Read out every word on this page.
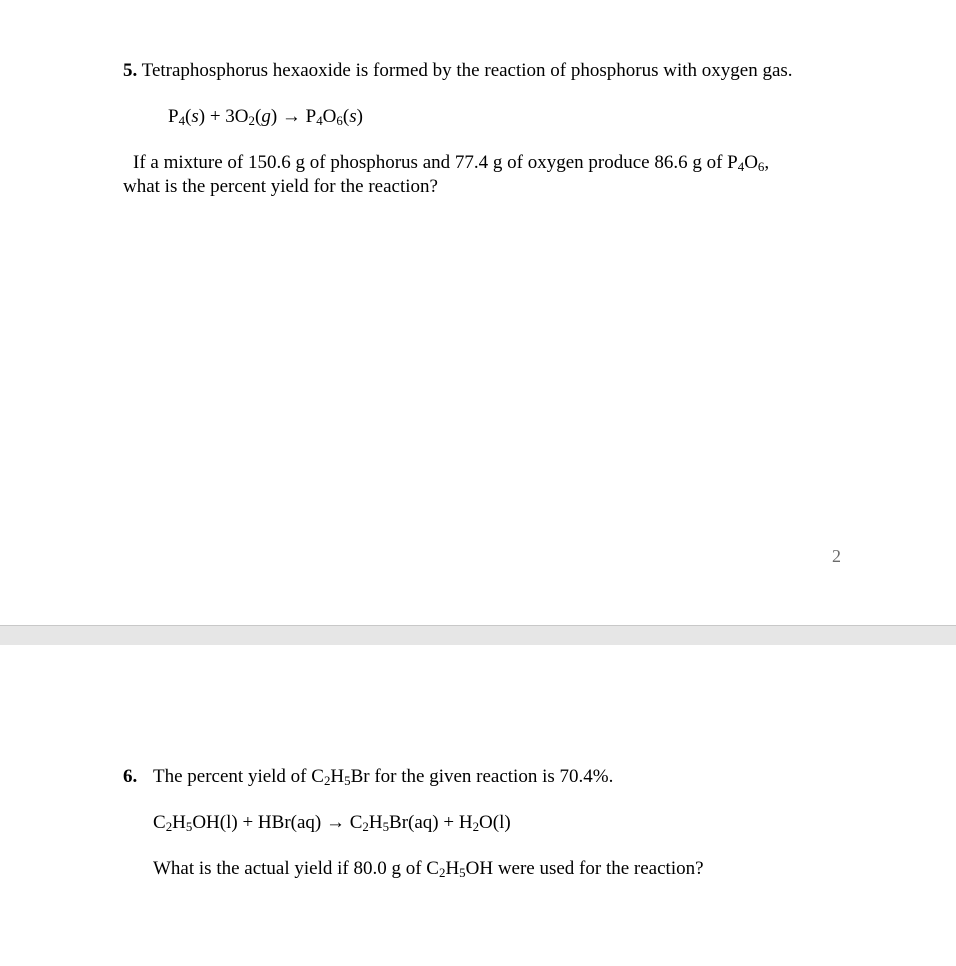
5. Tetraphosphorus hexaoxide is formed by the reaction of phosphorus with oxygen gas.
$P_4(s) + 3O_2(g) \to P_4O_6(s)$
If a mixture of 150.6 g of phosphorus and 77.4 g of oxygen produce 86.6 g of $P_4O_6$,
what is the percent yield for the reaction?
2
6. The percent yield of $C_2H_5Br$ for the given reaction is 70.4%.
$C_2H_5OH(l) + HBr(aq) \to C_2H_5Br(aq) + H_2O(l)$
What is the actual yield if 80.0 g of $C_2H_5OH$ were used for the reaction?
